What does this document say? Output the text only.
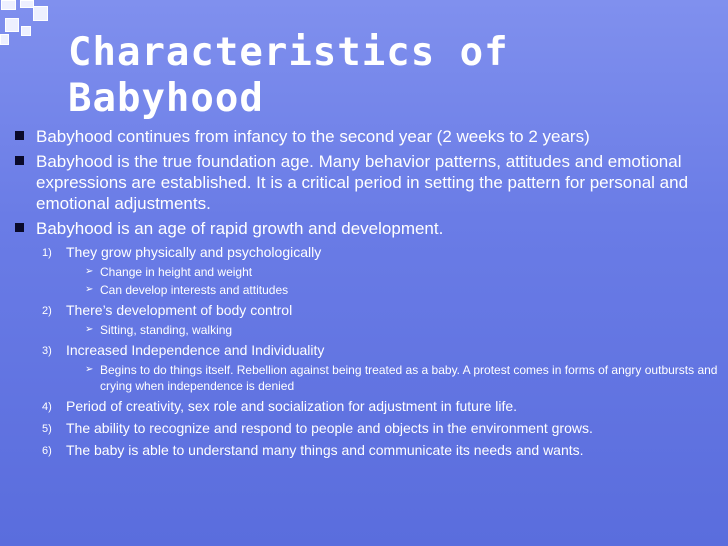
Characteristics of Babyhood
Babyhood continues from infancy to the second year (2 weeks to 2 years)
Babyhood is the true foundation age. Many behavior patterns, attitudes and emotional expressions are established. It is a critical period in setting the pattern for personal and emotional adjustments.
Babyhood is an age of rapid growth and development.
1) They grow physically and psychologically
➢ Change in height and weight
➢ Can develop interests and attitudes
2) There’s development of body control
➢ Sitting, standing, walking
3) Increased Independence and Individuality
➢ Begins to do things itself. Rebellion against being treated as a baby. A protest comes in forms of angry outbursts and crying when independence is denied
4) Period of creativity, sex role and socialization for adjustment in future life.
5) The ability to recognize and respond to people and objects in the environment grows.
6) The baby is able to understand many things and communicate its needs and wants.
